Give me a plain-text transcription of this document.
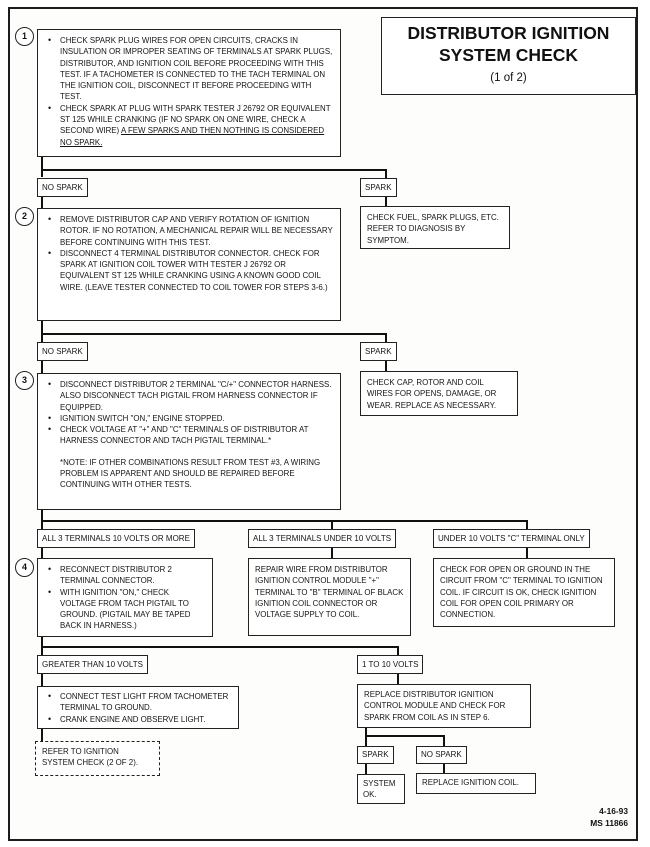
DISTRIBUTOR IGNITION
SYSTEM CHECK
(1 of 2)
1
2
3
4
• CHECK SPARK PLUG WIRES FOR OPEN CIRCUITS, CRACKS IN INSULATION OR IMPROPER SEATING OF TERMINALS AT SPARK PLUGS, DISTRIBUTOR, AND IGNITION COIL BEFORE PROCEEDING WITH THIS TEST. IF A TACHOMETER IS CONNECTED TO THE TACH TERMINAL ON THE IGNITION COIL, DISCONNECT IT BEFORE PROCEEDING WITH TEST.
• CHECK SPARK AT PLUG WITH SPARK TESTER J 26792 OR EQUIVALENT ST 125 WHILE CRANKING (IF NO SPARK ON ONE WIRE, CHECK A SECOND WIRE) A FEW SPARKS AND THEN NOTHING IS CONSIDERED NO SPARK.
NO SPARK	SPARK
CHECK FUEL, SPARK PLUGS, ETC. REFER TO DIAGNOSIS BY SYMPTOM.
• REMOVE DISTRIBUTOR CAP AND VERIFY ROTATION OF IGNITION ROTOR. IF NO ROTATION, A MECHANICAL REPAIR WILL BE NECESSARY BEFORE CONTINUING WITH THIS TEST.
• DISCONNECT 4 TERMINAL DISTRIBUTOR CONNECTOR. CHECK FOR SPARK AT IGNITION COIL TOWER WITH TESTER J 26792 OR EQUIVALENT ST 125 WHILE CRANKING USING A KNOWN GOOD COIL WIRE. (LEAVE TESTER CONNECTED TO COIL TOWER FOR STEPS 3-6.)
NO SPARK	SPARK
CHECK CAP, ROTOR AND COIL WIRES FOR OPENS, DAMAGE, OR WEAR. REPLACE AS NECESSARY.
• DISCONNECT DISTRIBUTOR 2 TERMINAL "C/+" CONNECTOR HARNESS. ALSO DISCONNECT TACH PIGTAIL FROM HARNESS CONNECTOR IF EQUIPPED.
• IGNITION SWITCH "ON," ENGINE STOPPED.
• CHECK VOLTAGE AT "+" AND "C" TERMINALS OF DISTRIBUTOR AT HARNESS CONNECTOR AND TACH PIGTAIL TERMINAL.*
*NOTE: IF OTHER COMBINATIONS RESULT FROM TEST #3, A WIRING PROBLEM IS APPARENT AND SHOULD BE REPAIRED BEFORE CONTINUING WITH OTHER TESTS.
ALL 3 TERMINALS 10 VOLTS OR MORE	ALL 3 TERMINALS UNDER 10 VOLTS	UNDER 10 VOLTS "C" TERMINAL ONLY
• RECONNECT DISTRIBUTOR 2 TERMINAL CONNECTOR.
• WITH IGNITION "ON," CHECK VOLTAGE FROM TACH PIGTAIL TO GROUND. (PIGTAIL MAY BE TAPED BACK IN HARNESS.)
REPAIR WIRE FROM DISTRIBUTOR IGNITION CONTROL MODULE "+" TERMINAL TO "B" TERMINAL OF BLACK IGNITION COIL CONNECTOR OR VOLTAGE SUPPLY TO COIL.
CHECK FOR OPEN OR GROUND IN THE CIRCUIT FROM "C" TERMINAL TO IGNITION COIL. IF CIRCUIT IS OK, CHECK IGNITION COIL FOR OPEN COIL PRIMARY OR CONNECTION.
GREATER THAN 10 VOLTS	1 TO 10 VOLTS
• CONNECT TEST LIGHT FROM TACHOMETER TERMINAL TO GROUND.
• CRANK ENGINE AND OBSERVE LIGHT.
REPLACE DISTRIBUTOR IGNITION CONTROL MODULE AND CHECK FOR SPARK FROM COIL AS IN STEP 6.
REFER TO IGNITION SYSTEM CHECK (2 OF 2).
SPARK	NO SPARK
SYSTEM OK.
REPLACE IGNITION COIL.
4-16-93
MS 11866
